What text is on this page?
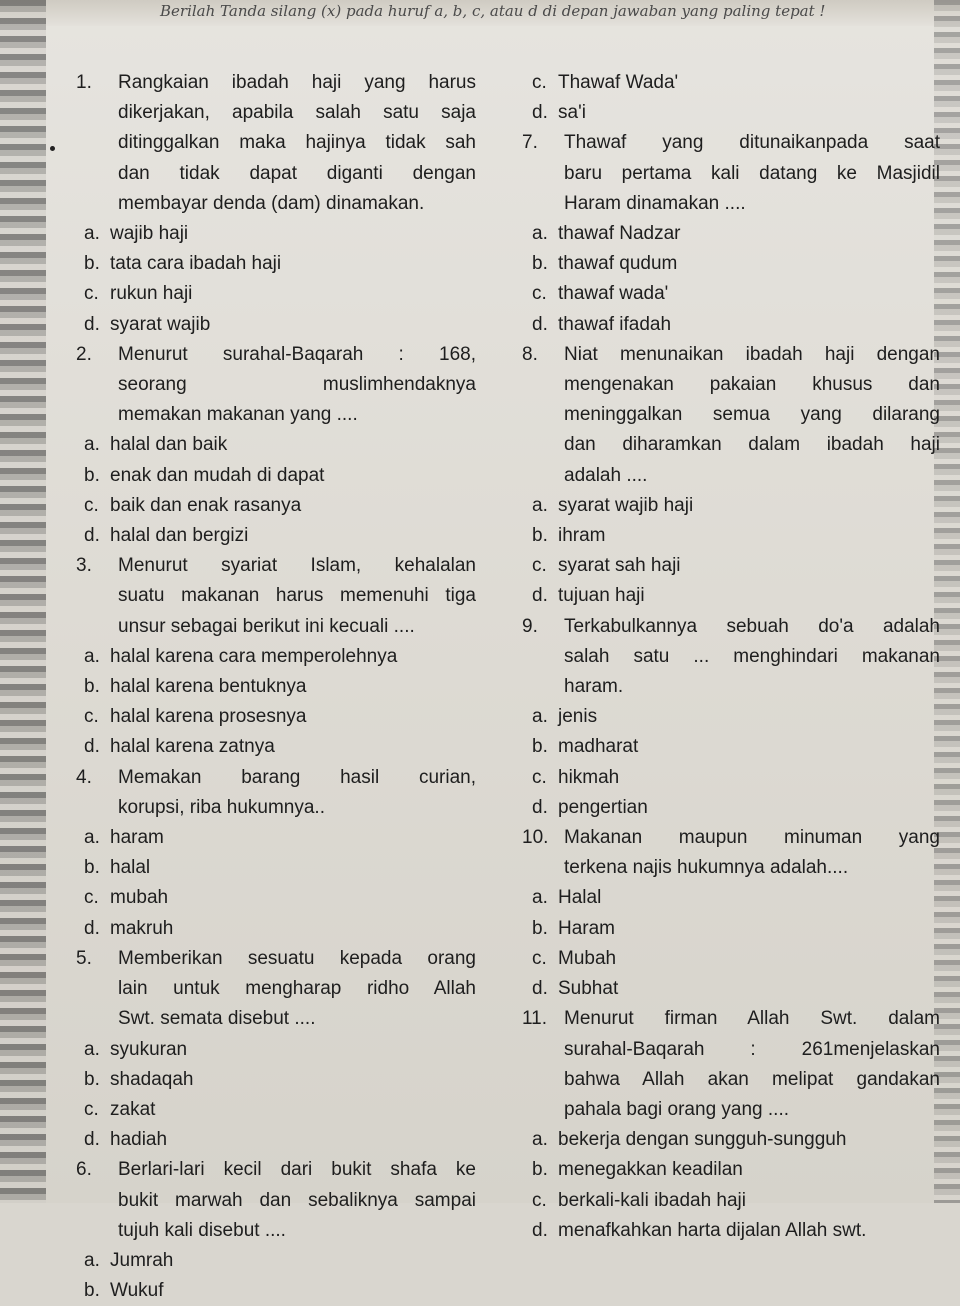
Berilah Tanda silang (x) pada huruf a, b, c, atau d di depan jawaban yang paling tepat !
1. Rangkaian ibadah haji yang harus
dikerjakan, apabila salah satu saja
ditinggalkan maka hajinya tidak sah
dan tidak dapat diganti dengan
membayar denda (dam) dinamakan.
a. wajib haji
b. tata cara ibadah haji
c. rukun haji
d. syarat wajib
2. Menurut surahal-Baqarah : 168,
seorang muslimhendaknya
memakan makanan yang ....
a. halal dan baik
b. enak dan mudah di dapat
c. baik dan enak rasanya
d. halal dan bergizi
3. Menurut syariat Islam, kehalalan
suatu makanan harus memenuhi tiga
unsur sebagai berikut ini kecuali ....
a. halal karena cara memperolehnya
b. halal karena bentuknya
c. halal karena prosesnya
d. halal karena zatnya
4. Memakan barang hasil curian,
korupsi, riba hukumnya..
a. haram
b. halal
c. mubah
d. makruh
5. Memberikan sesuatu kepada orang
lain untuk mengharap ridho Allah
Swt. semata disebut ....
a. syukuran
b. shadaqah
c. zakat
d. hadiah
6. Berlari-lari kecil dari bukit shafa ke
bukit marwah dan sebaliknya sampai
tujuh kali disebut ....
a. Jumrah
b. Wukuf
c. Thawaf Wada'
d. sa'i
7. Thawaf yang ditunaikanpada saat
baru pertama kali datang ke Masjidil
Haram dinamakan ....
a. thawaf Nadzar
b. thawaf qudum
c. thawaf wada'
d. thawaf ifadah
8. Niat menunaikan ibadah haji dengan
mengenakan pakaian khusus dan
meninggalkan semua yang dilarang
dan diharamkan dalam ibadah haji
adalah ....
a. syarat wajib haji
b. ihram
c. syarat sah haji
d. tujuan haji
9. Terkabulkannya sebuah do'a adalah
salah satu ... menghindari makanan
haram.
a. jenis
b. madharat
c. hikmah
d. pengertian
10. Makanan maupun minuman yang
terkena najis hukumnya adalah....
a. Halal
b. Haram
c. Mubah
d. Subhat
11. Menurut firman Allah Swt. dalam
surahal-Baqarah : 261menjelaskan
bahwa Allah akan melipat gandakan
pahala bagi orang yang ....
a. bekerja dengan sungguh-sungguh
b. menegakkan keadilan
c. berkali-kali ibadah haji
d. menafkahkan harta dijalan Allah swt.
